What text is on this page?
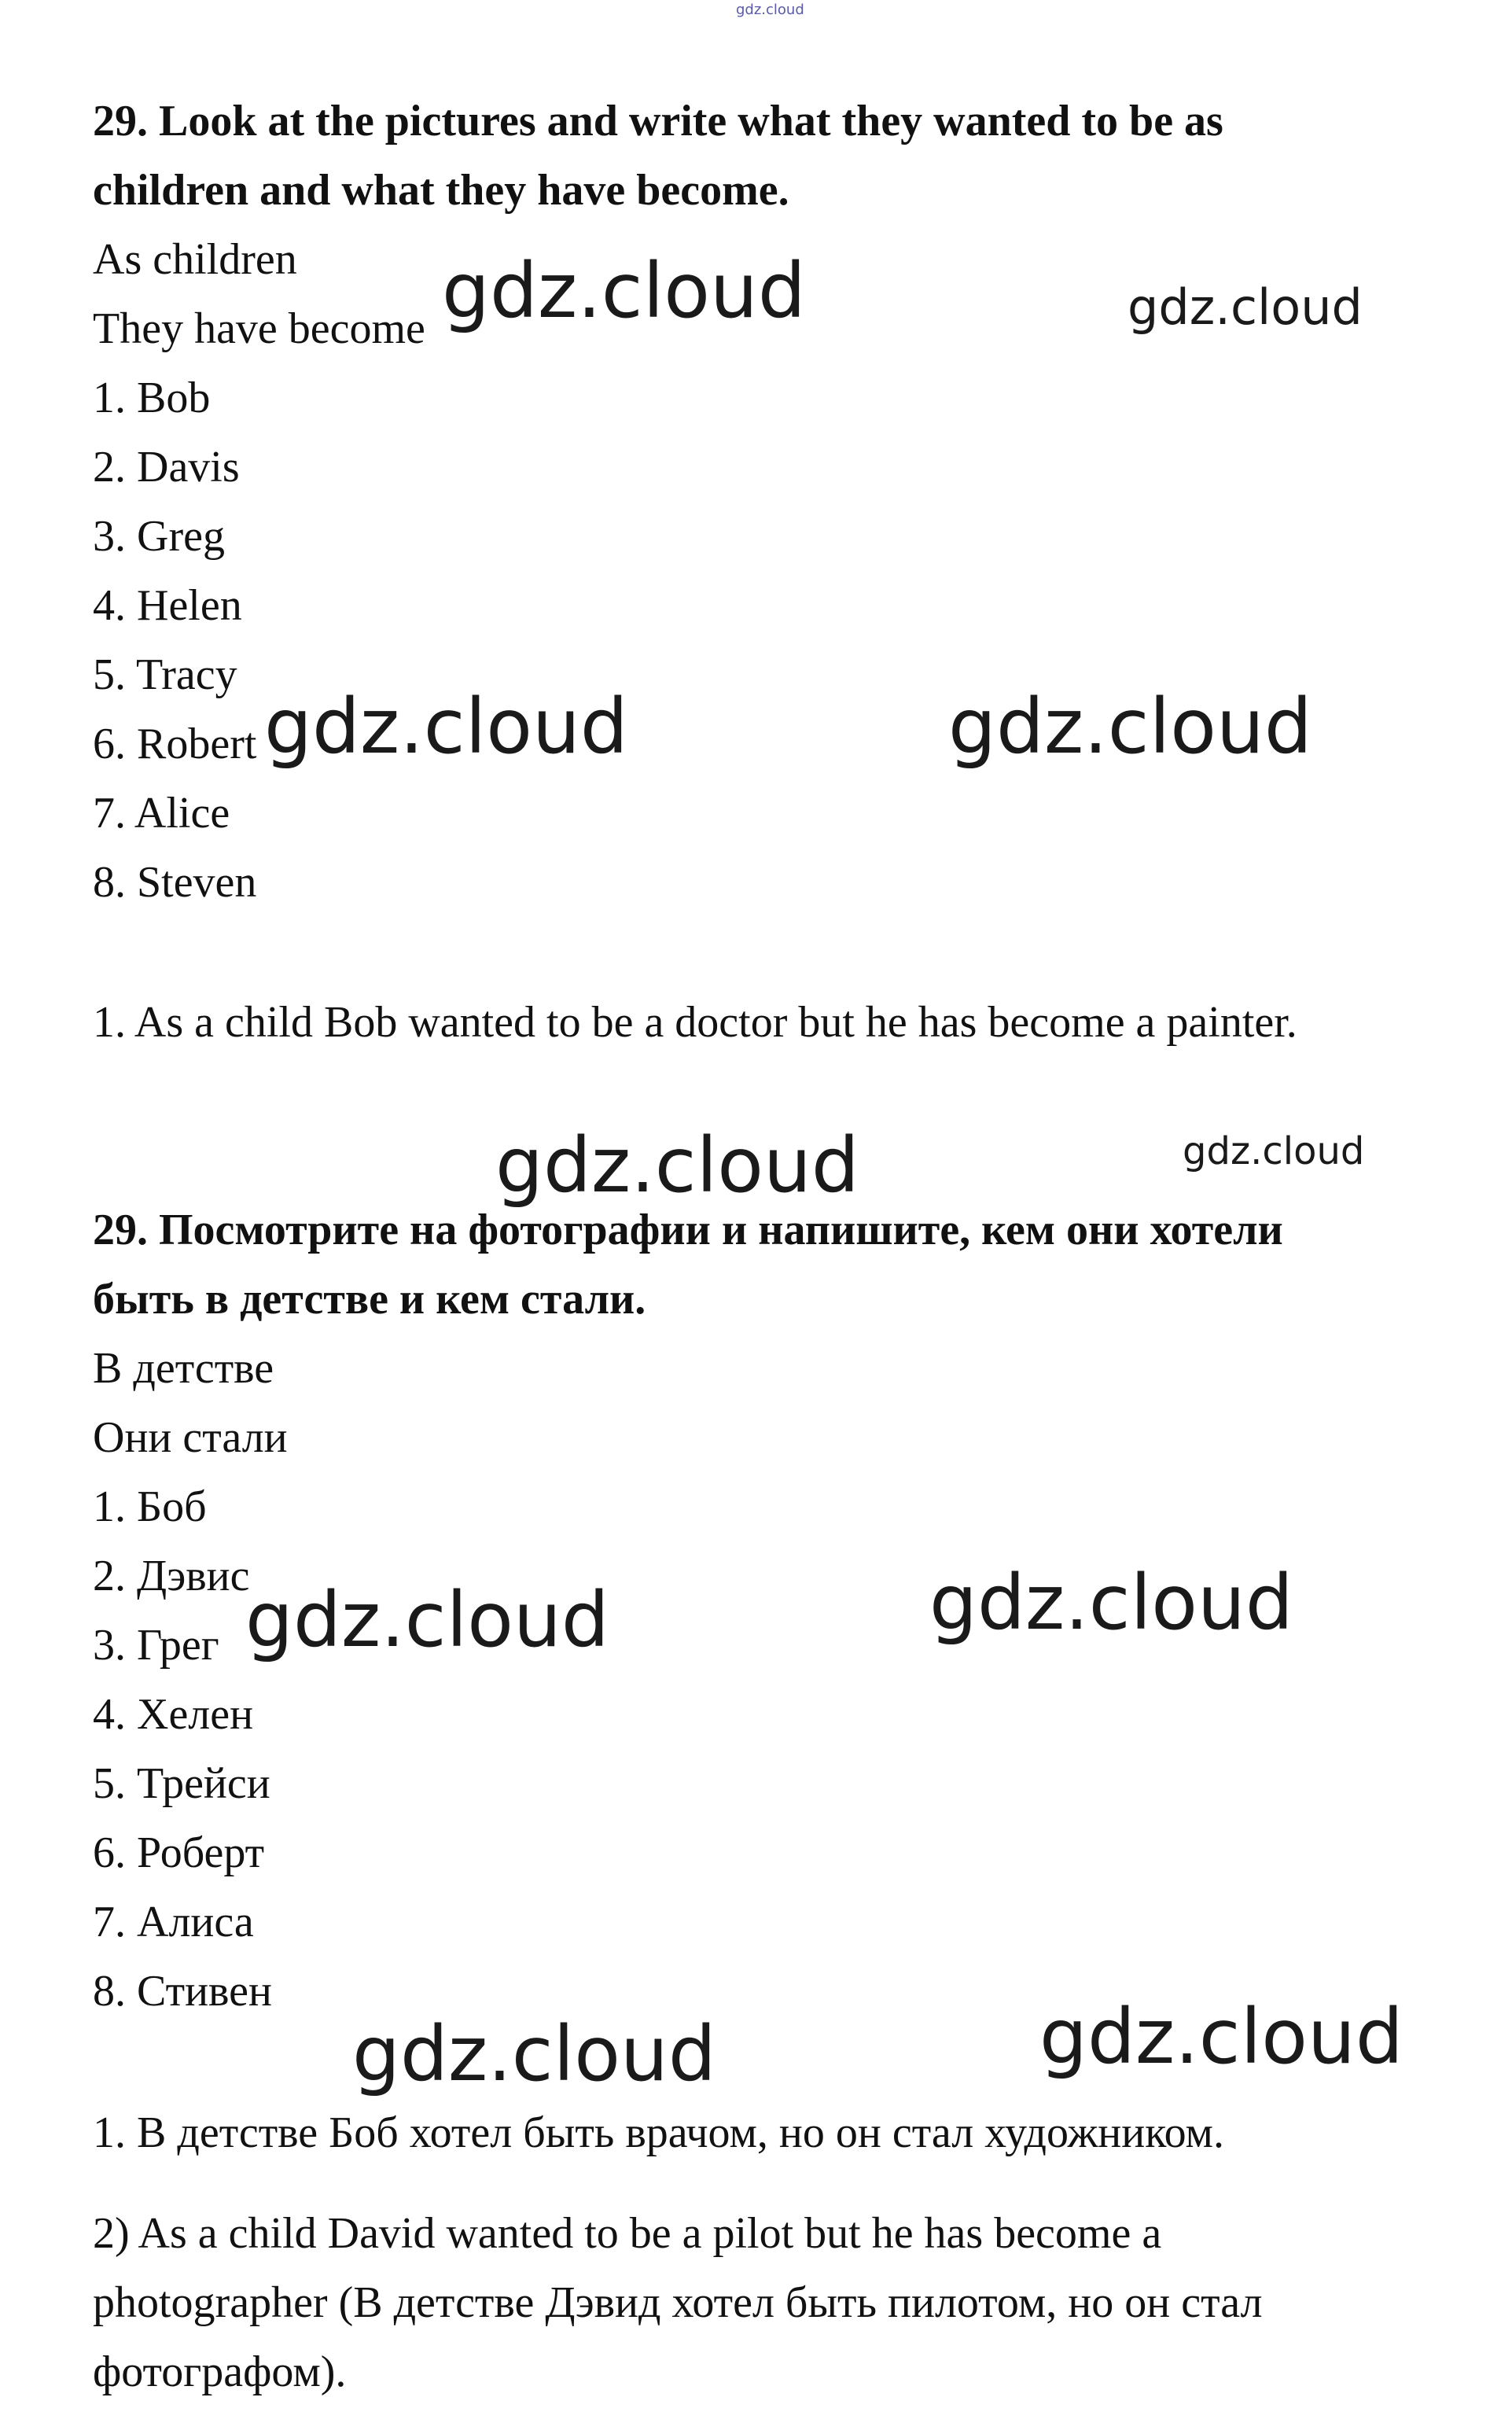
gdz.cloud

29. Look at the pictures and write what they wanted to be as

children and what they have become.

As children

They have become

1. Bob

2. Davis

3. Greg

4. Helen

5. Tracy

6. Robert

7. Alice

8. Steven

1. As a child Bob wanted to be a doctor but he has become a painter.

29. Посмотрите на фотографии и напишите, кем они хотели

быть в детстве и кем стали.

В детстве

Они стали

1. Боб

2. Дэвис

3. Грег

4. Хелен

5. Трейси

6. Роберт

7. Алиса

8. Стивен

1. В детстве Боб хотел быть врачом, но он стал художником.

2) As a child David wanted to be a pilot but he has become a

photographer (В детстве Дэвид хотел быть пилотом, но он стал

фотографом).

gdz.cloud	gdz.cloud
gdz.cloud	gdz.cloud
gdz.cloud	gdz.cloud
gdz.cloud	gdz.cloud
gdz.cloud	gdz.cloud
